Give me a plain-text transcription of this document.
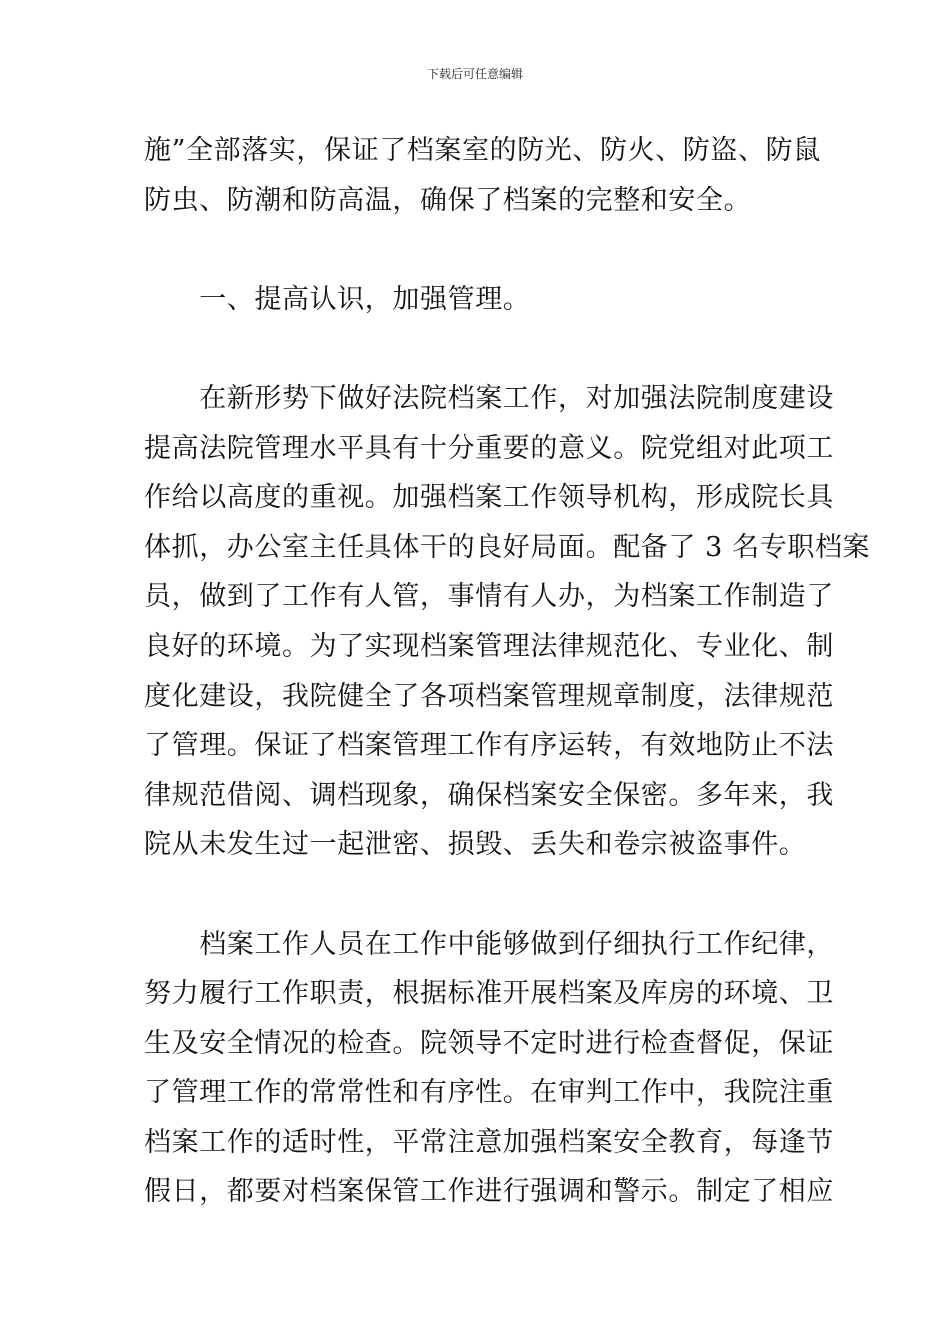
下载后可任意编辑
施”全部落实，保证了档案室的防光、防火、防盗、防鼠
防虫、防潮和防高温，确保了档案的完整和安全。
　　一、提高认识，加强管理。
　　在新形势下做好法院档案工作，对加强法院制度建设
提高法院管理水平具有十分重要的意义。院党组对此项工
作给以高度的重视。加强档案工作领导机构，形成院长具
体抓，办公室主任具体干的良好局面。配备了 3 名专职档案
员，做到了工作有人管，事情有人办，为档案工作制造了
良好的环境。为了实现档案管理法律规范化、专业化、制
度化建设，我院健全了各项档案管理规章制度，法律规范
了管理。保证了档案管理工作有序运转，有效地防止不法
律规范借阅、调档现象，确保档案安全保密。多年来，我
院从未发生过一起泄密、损毁、丢失和卷宗被盗事件。
　　档案工作人员在工作中能够做到仔细执行工作纪律，
努力履行工作职责，根据标准开展档案及库房的环境、卫
生及安全情况的检查。院领导不定时进行检查督促，保证
了管理工作的常常性和有序性。在审判工作中，我院注重
档案工作的适时性，平常注意加强档案安全教育，每逢节
假日，都要对档案保管工作进行强调和警示。制定了相应
